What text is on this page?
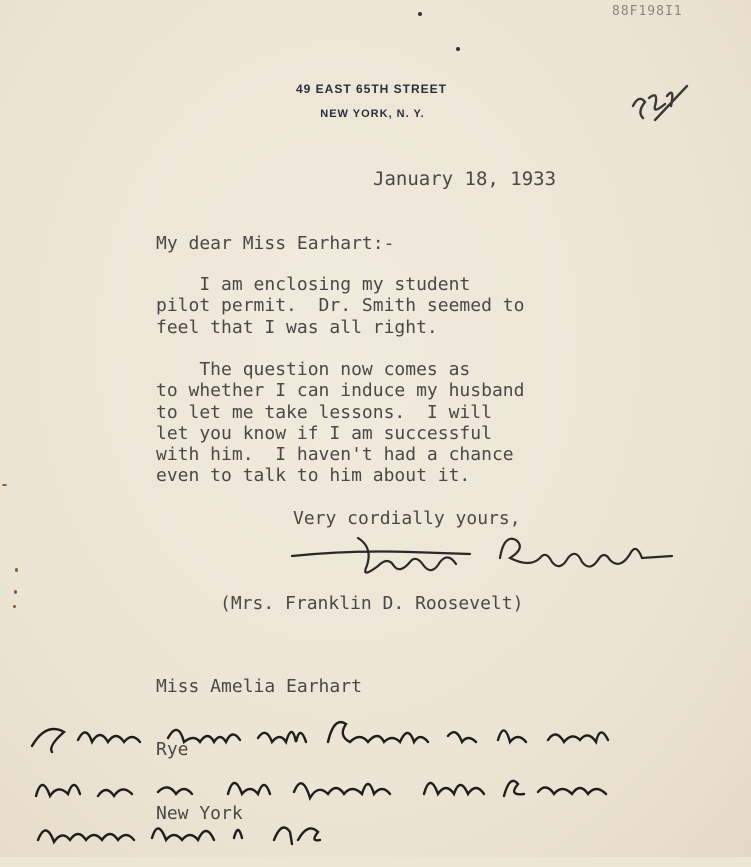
88F198I1
49 EAST 65TH STREET
NEW YORK, N. Y.
January 18, 1933
My dear Miss Earhart:-
I am enclosing my student
pilot permit.  Dr. Smith seemed to
feel that I was all right.
The question now comes as
to whether I can induce my husband
to let me take lessons.  I will
let you know if I am successful
with him.  I haven't had a chance
even to talk to him about it.
Very cordially yours,
(Mrs. Franklin D. Roosevelt)

Miss Amelia Earhart

Rye

New York

I have talked with Franklin & he won't let me now but perhaps later I can persuade him! E.R.
